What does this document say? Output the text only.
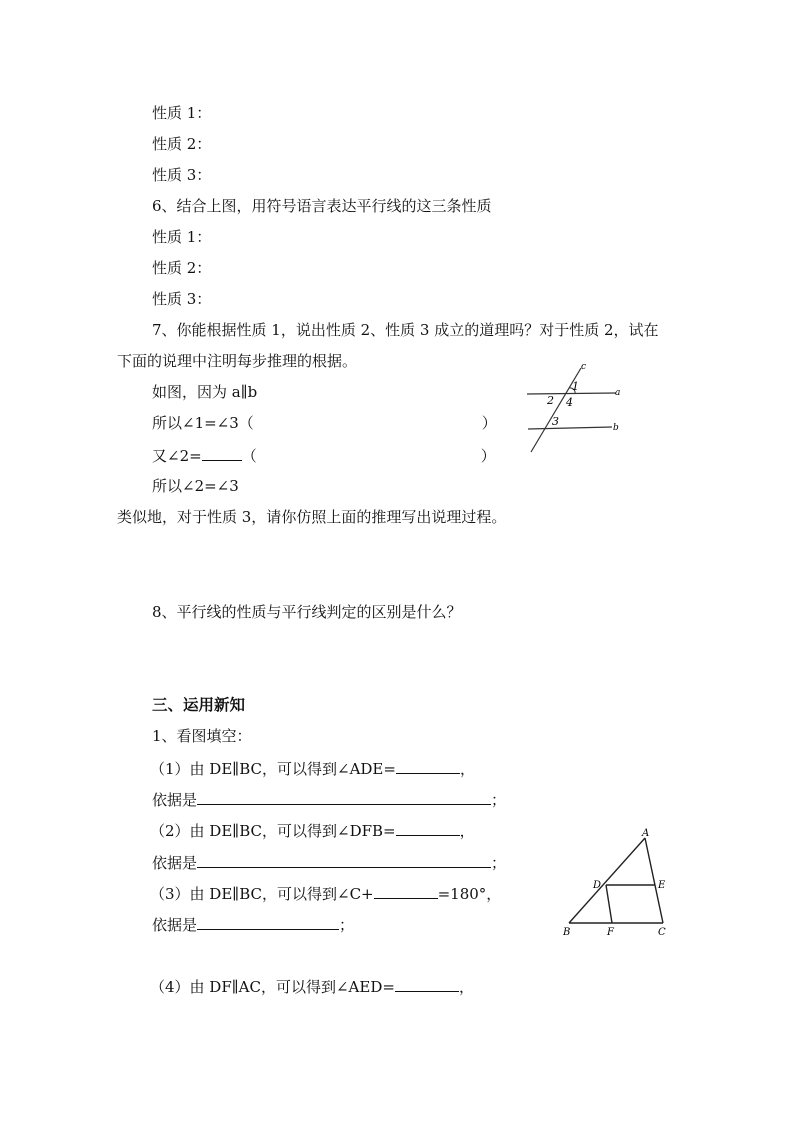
性质 1：
性质 2：
性质 3：
6、结合上图，用符号语言表达平行线的这三条性质
性质 1：
性质 2：
性质 3：
7、你能根据性质 1，说出性质 2、性质 3 成立的道理吗？对于性质 2，试在
下面的说理中注明每步推理的根据。
如图，因为 a∥b
所以∠1=∠3（	）
又∠2=	（	）
所以∠2=∠3
类似地，对于性质 3，请你仿照上面的推理写出说理过程。
8、平行线的性质与平行线判定的区别是什么？
三、运用新知
1、看图填空：
（1）由 DE∥BC，可以得到∠ADE=	，
依据是	；
（2）由 DE∥BC，可以得到∠DFB=	，
依据是	；
（3）由 DE∥BC，可以得到∠C+	=180°，
依据是	；
（4）由 DF∥AC，可以得到∠AED=	，
c
1	a
2 4
3	b
A
D	E
B	F	C
